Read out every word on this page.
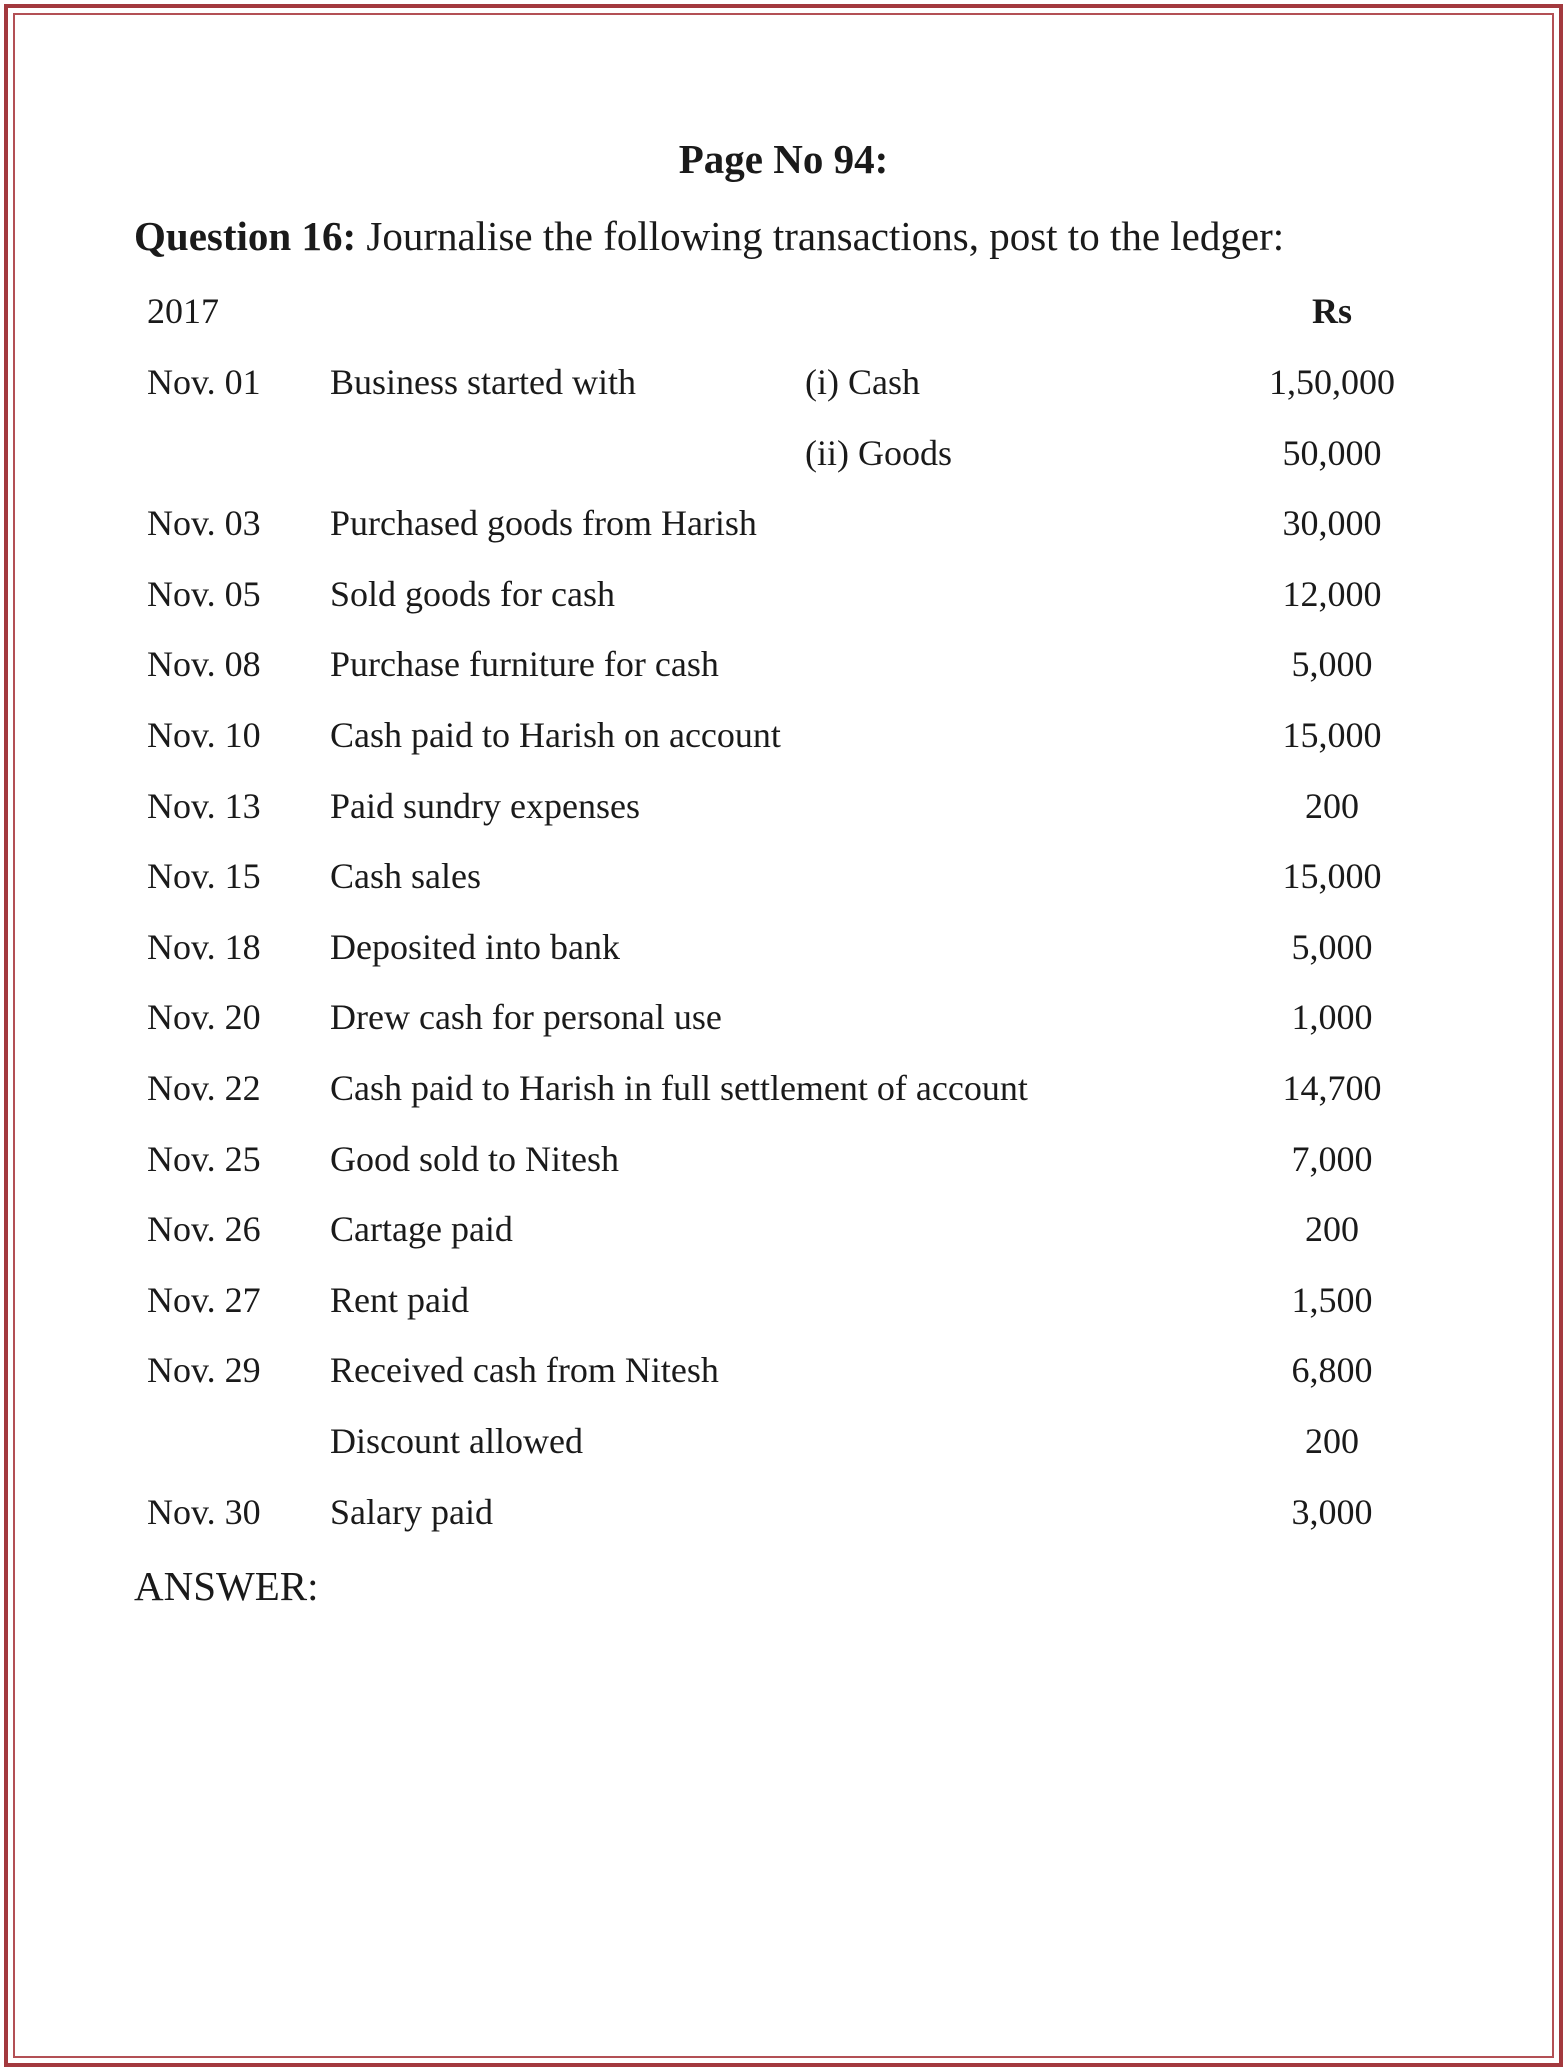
Page No 94:
Question 16: Journalise the following transactions, post to the ledger:
2017	Rs
Nov. 01 Business started with	(i) Cash	1,50,000
(ii) Goods	50,000
Nov. 03 Purchased goods from Harish	30,000
Nov. 05 Sold goods for cash	12,000
Nov. 08 Purchase furniture for cash	5,000
Nov. 10 Cash paid to Harish on account	15,000
Nov. 13 Paid sundry expenses	200
Nov. 15 Cash sales	15,000
Nov. 18 Deposited into bank	5,000
Nov. 20 Drew cash for personal use	1,000
Nov. 22 Cash paid to Harish in full settlement of account	14,700
Nov. 25 Good sold to Nitesh	7,000
Nov. 26 Cartage paid	200
Nov. 27 Rent paid	1,500
Nov. 29 Received cash from Nitesh	6,800
Discount allowed	200
Nov. 30 Salary paid	3,000
ANSWER:
